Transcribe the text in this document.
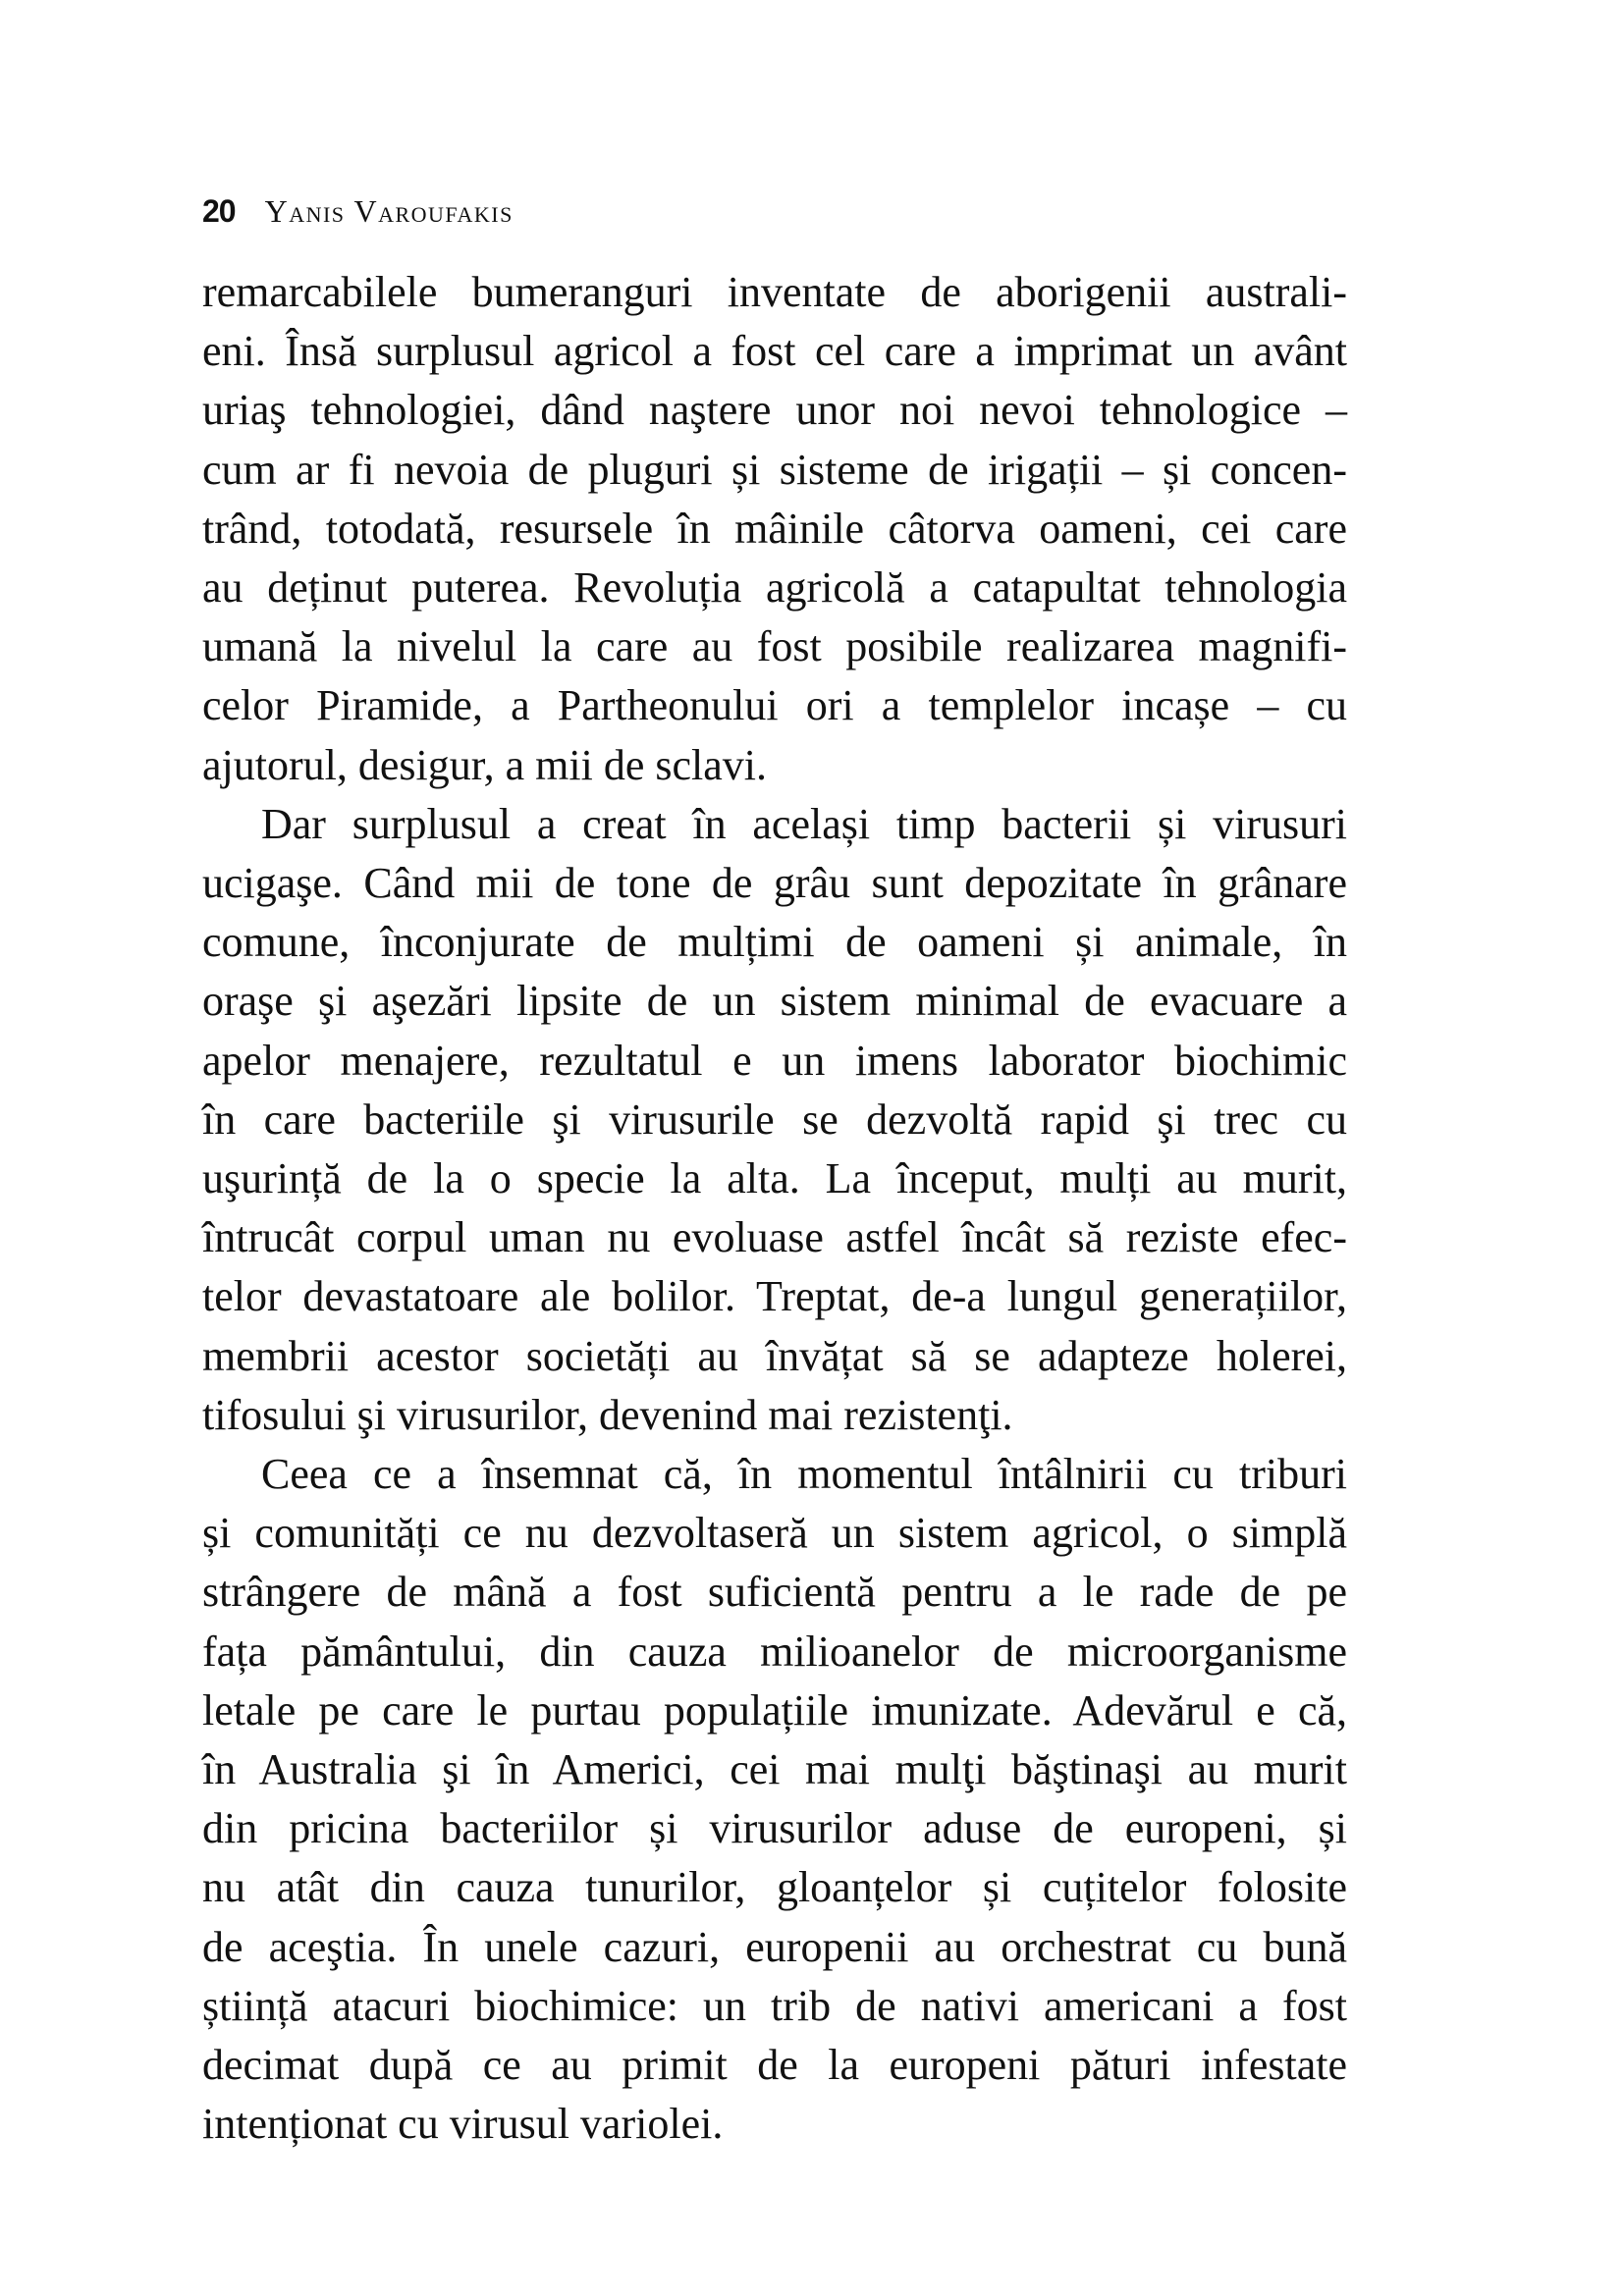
20 Yanis Varoufakis

remarcabilele bumeranguri inventate de aborigenii australi-
eni. Însă surplusul agricol a fost cel care a imprimat un avânt
uriaş tehnologiei, dând naştere unor noi nevoi tehnologice –
cum ar fi nevoia de pluguri și sisteme de irigații – și concen-
trând, totodată, resursele în mâinile câtorva oameni, cei care
au deținut puterea. Revoluția agricolă a catapultat tehnologia
umană la nivelul la care au fost posibile realizarea magnifi-
celor Piramide, a Partheonului ori a templelor incașe – cu
ajutorul, desigur, a mii de sclavi.

Dar surplusul a creat în același timp bacterii și virusuri
ucigaşe. Când mii de tone de grâu sunt depozitate în grânare
comune, înconjurate de mulțimi de oameni și animale, în
oraşe şi aşezări lipsite de un sistem minimal de evacuare a
apelor menajere, rezultatul e un imens laborator biochimic
în care bacteriile şi virusurile se dezvoltă rapid şi trec cu
uşurință de la o specie la alta. La început, mulți au murit,
întrucât corpul uman nu evoluase astfel încât să reziste efec-
telor devastatoare ale bolilor. Treptat, de-a lungul generațiilor,
membrii acestor societăți au învățat să se adapteze holerei,
tifosului şi virusurilor, devenind mai rezistenţi.

Ceea ce a însemnat că, în momentul întâlnirii cu triburi
și comunități ce nu dezvoltaseră un sistem agricol, o simplă
strângere de mână a fost suficientă pentru a le rade de pe
fața pământului, din cauza milioanelor de microorganisme
letale pe care le purtau populațiile imunizate. Adevărul e că,
în Australia şi în Americi, cei mai mulţi băştinaşi au murit
din pricina bacteriilor și virusurilor aduse de europeni, și
nu atât din cauza tunurilor, gloanțelor și cuțitelor folosite
de aceştia. În unele cazuri, europenii au orchestrat cu bună
știință atacuri biochimice: un trib de nativi americani a fost
decimat după ce au primit de la europeni pături infestate
intenționat cu virusul variolei.
